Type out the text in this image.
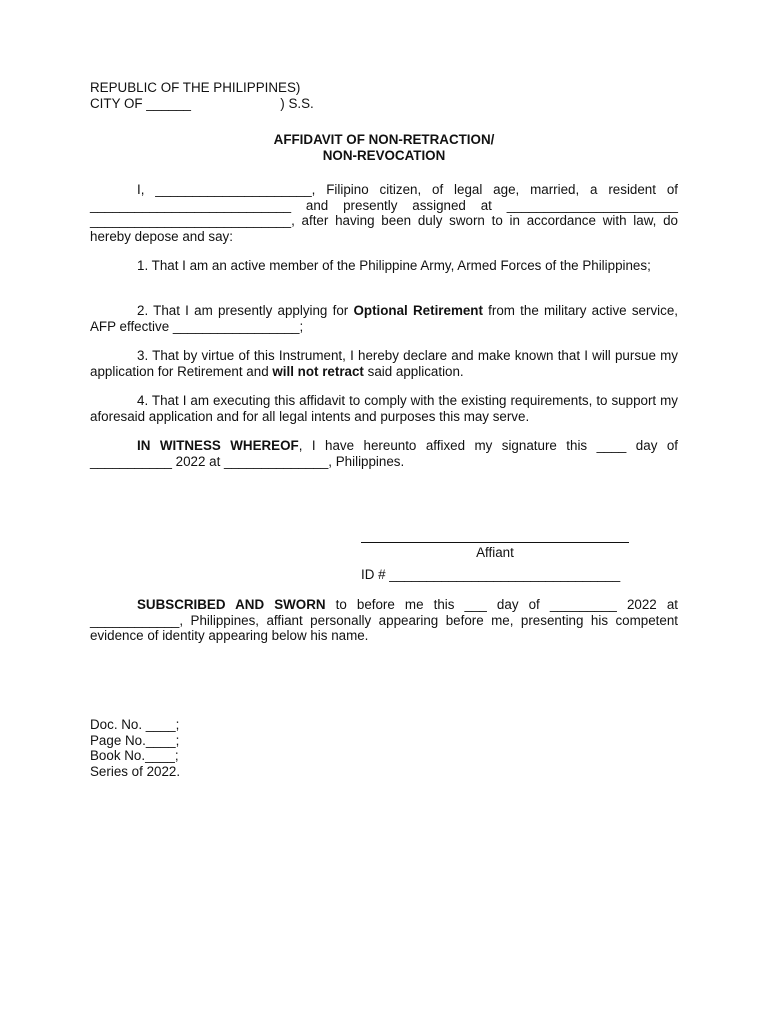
REPUBLIC OF THE PHILIPPINES)
CITY OF ______                        ) S.S.
AFFIDAVIT OF NON-RETRACTION/
NON-REVOCATION
I, _____________________, Filipino citizen, of legal age, married, a resident of ___________________________ and presently assigned at _______________________ ___________________________, after having been duly sworn to in accordance with law, do hereby depose and say:
1. That I am an active member of the Philippine Army, Armed Forces of the Philippines;
2. That I am presently applying for Optional Retirement from the military active service, AFP effective _________________;
3. That by virtue of this Instrument, I hereby declare and make known that I will pursue my application for Retirement and will not retract said application.
4. That I am executing this affidavit to comply with the existing requirements, to support my aforesaid application and for all legal intents and purposes this may serve.
IN WITNESS WHEREOF, I have hereunto affixed my signature this ____ day of ___________ 2022 at ______________, Philippines.
Affiant
ID # _______________________________
SUBSCRIBED AND SWORN to before me this ___ day of _________ 2022 at ____________, Philippines, affiant personally appearing before me, presenting his competent evidence of identity appearing below his name.
Doc. No. ____;
Page No.____;
Book No.____;
Series of 2022.
